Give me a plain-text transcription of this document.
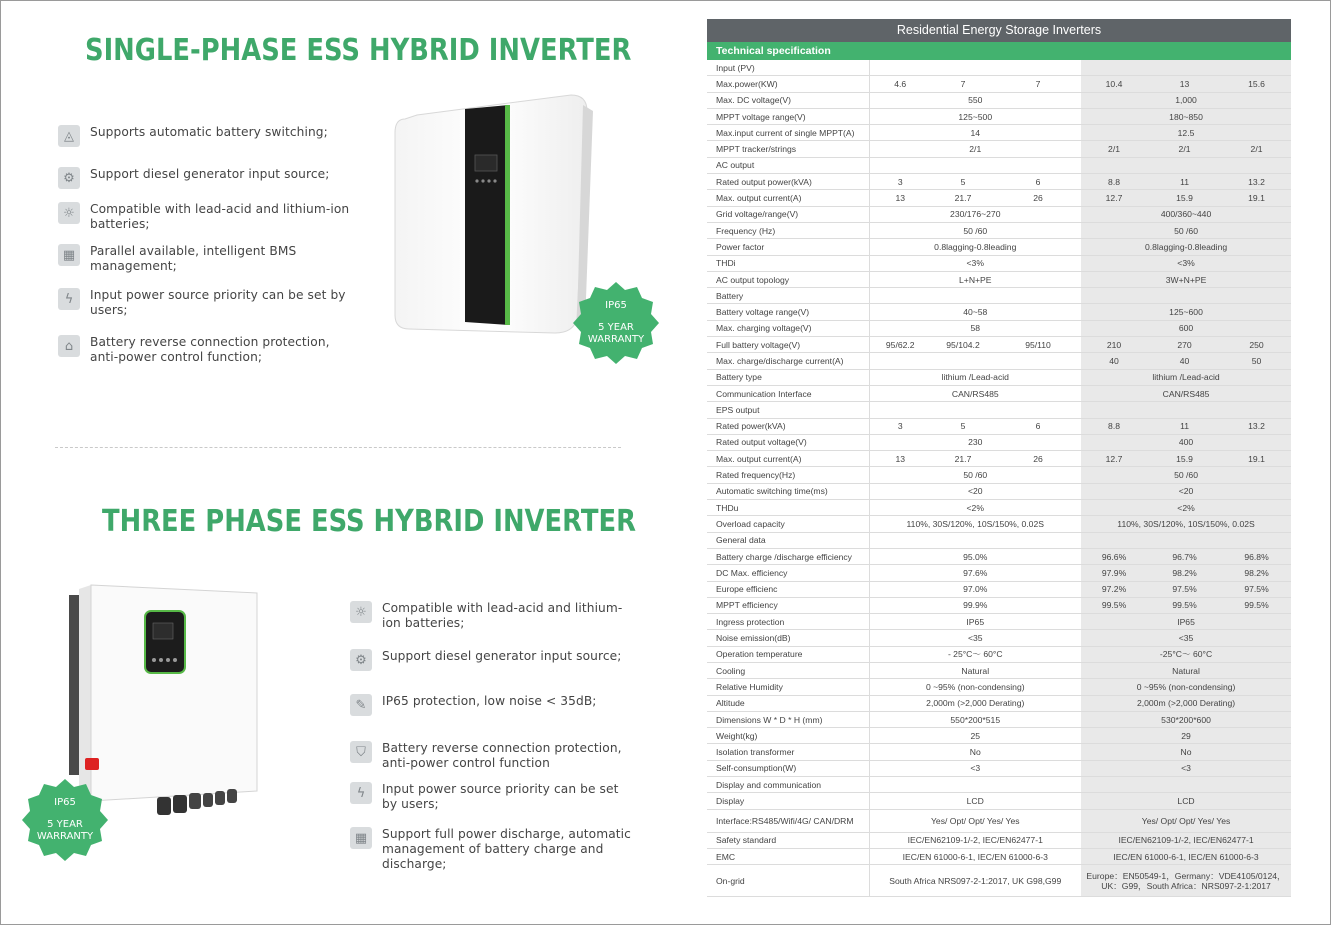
SINGLE-PHASE ESS HYBRID INVERTER
◬	Supports automatic battery switching;
⚙	Support diesel generator input source;
☼	Compatible with lead-acid and lithium-ion batteries;
▦	Parallel available, intelligent BMS management;
ϟ	Input power source priority can be set by users;
⌂	Battery reverse connection protection, anti-power control function;
IP65
5 YEAR
WARRANTY
THREE PHASE ESS HYBRID INVERTER
IP65
5 YEAR
WARRANTY
☼	Compatible with lead-acid and lithium-ion batteries;
⚙	Support diesel generator input source;
✎	IP65 protection, low noise < 35dB;
⛉	Battery reverse connection protection, anti-power control function
ϟ	Input power source priority can be set by users;
▦	Support full power discharge, automatic management of battery charge and discharge;
Residential Energy Storage Inverters
Technical specification
Input (PV)						
Max.power(KW)	4.6	7	7	10.4	13	15.6
Max. DC voltage(V)	550			1,000		
MPPT voltage range(V)	125~500			180~850		
Max.input current of single MPPT(A)	14			12.5		
MPPT tracker/strings	2/1			2/1	2/1	2/1
AC output						
Rated output power(kVA)	3	5	6	8.8	11	13.2
Max. output current(A)	13	21.7	26	12.7	15.9	19.1
Grid voltage/range(V)	230/176~270			400/360~440		
Frequency (Hz)	50 /60			50 /60		
Power factor	0.8lagging-0.8leading			0.8lagging-0.8leading		
THDi	<3%			<3%		
AC output topology	L+N+PE			3W+N+PE		
Battery						
Battery voltage range(V)	40~58			125~600		
Max. charging voltage(V)	58			600		
Full battery voltage(V)	95/62.2	95/104.2	95/110	210	270	250
Max. charge/discharge current(A)				40	40	50
Battery type	lithium /Lead-acid			lithium /Lead-acid		
Communication Interface	CAN/RS485			CAN/RS485		
EPS output						
Rated power(kVA)	3	5	6	8.8	11	13.2
Rated output voltage(V)	230			400		
Max. output current(A)	13	21.7	26	12.7	15.9	19.1
Rated frequency(Hz)	50 /60			50 /60		
Automatic switching time(ms)	<20			<20		
THDu	<2%			<2%		
Overload capacity	110%, 30S/120%, 10S/150%, 0.02S			110%, 30S/120%, 10S/150%, 0.02S		
General data						
Battery charge /discharge efficiency	95.0%			96.6%	96.7%	96.8%
DC Max. efficiency	97.6%			97.9%	98.2%	98.2%
Europe efficienc	97.0%			97.2%	97.5%	97.5%
MPPT efficiency	99.9%			99.5%	99.5%	99.5%
Ingress protection	IP65			IP65		
Noise emission(dB)	<35			<35		
Operation temperature	- 25°C～ 60°C			-25°C～ 60°C		
Cooling	Natural			Natural		
Relative Humidity	0 ~95% (non-condensing)			0 ~95% (non-condensing)		
Altitude	2,000m (>2,000 Derating)			2,000m (>2,000 Derating)		
Dimensions W * D * H (mm)	550*200*515			530*200*600		
Weight(kg)	25			29		
Isolation transformer	No			No		
Self-consumption(W)	<3			<3		
Display and communication						
Display	LCD			LCD		
Interface:RS485/Wifi/4G/ CAN/DRM	Yes/ Opt/ Opt/ Yes/ Yes			Yes/ Opt/ Opt/ Yes/ Yes		
Safety standard	IEC/EN62109-1/-2, IEC/EN62477-1			IEC/EN62109-1/-2, IEC/EN62477-1		
EMC	IEC/EN 61000-6-1, IEC/EN 61000-6-3			IEC/EN 61000-6-1, IEC/EN 61000-6-3		
On-grid	South Africa NRS097-2-1:2017, UK G98,G99			Europe：EN50549-1，Germany：VDE4105/0124，UK：G99，South Africa：NRS097-2-1:2017		
